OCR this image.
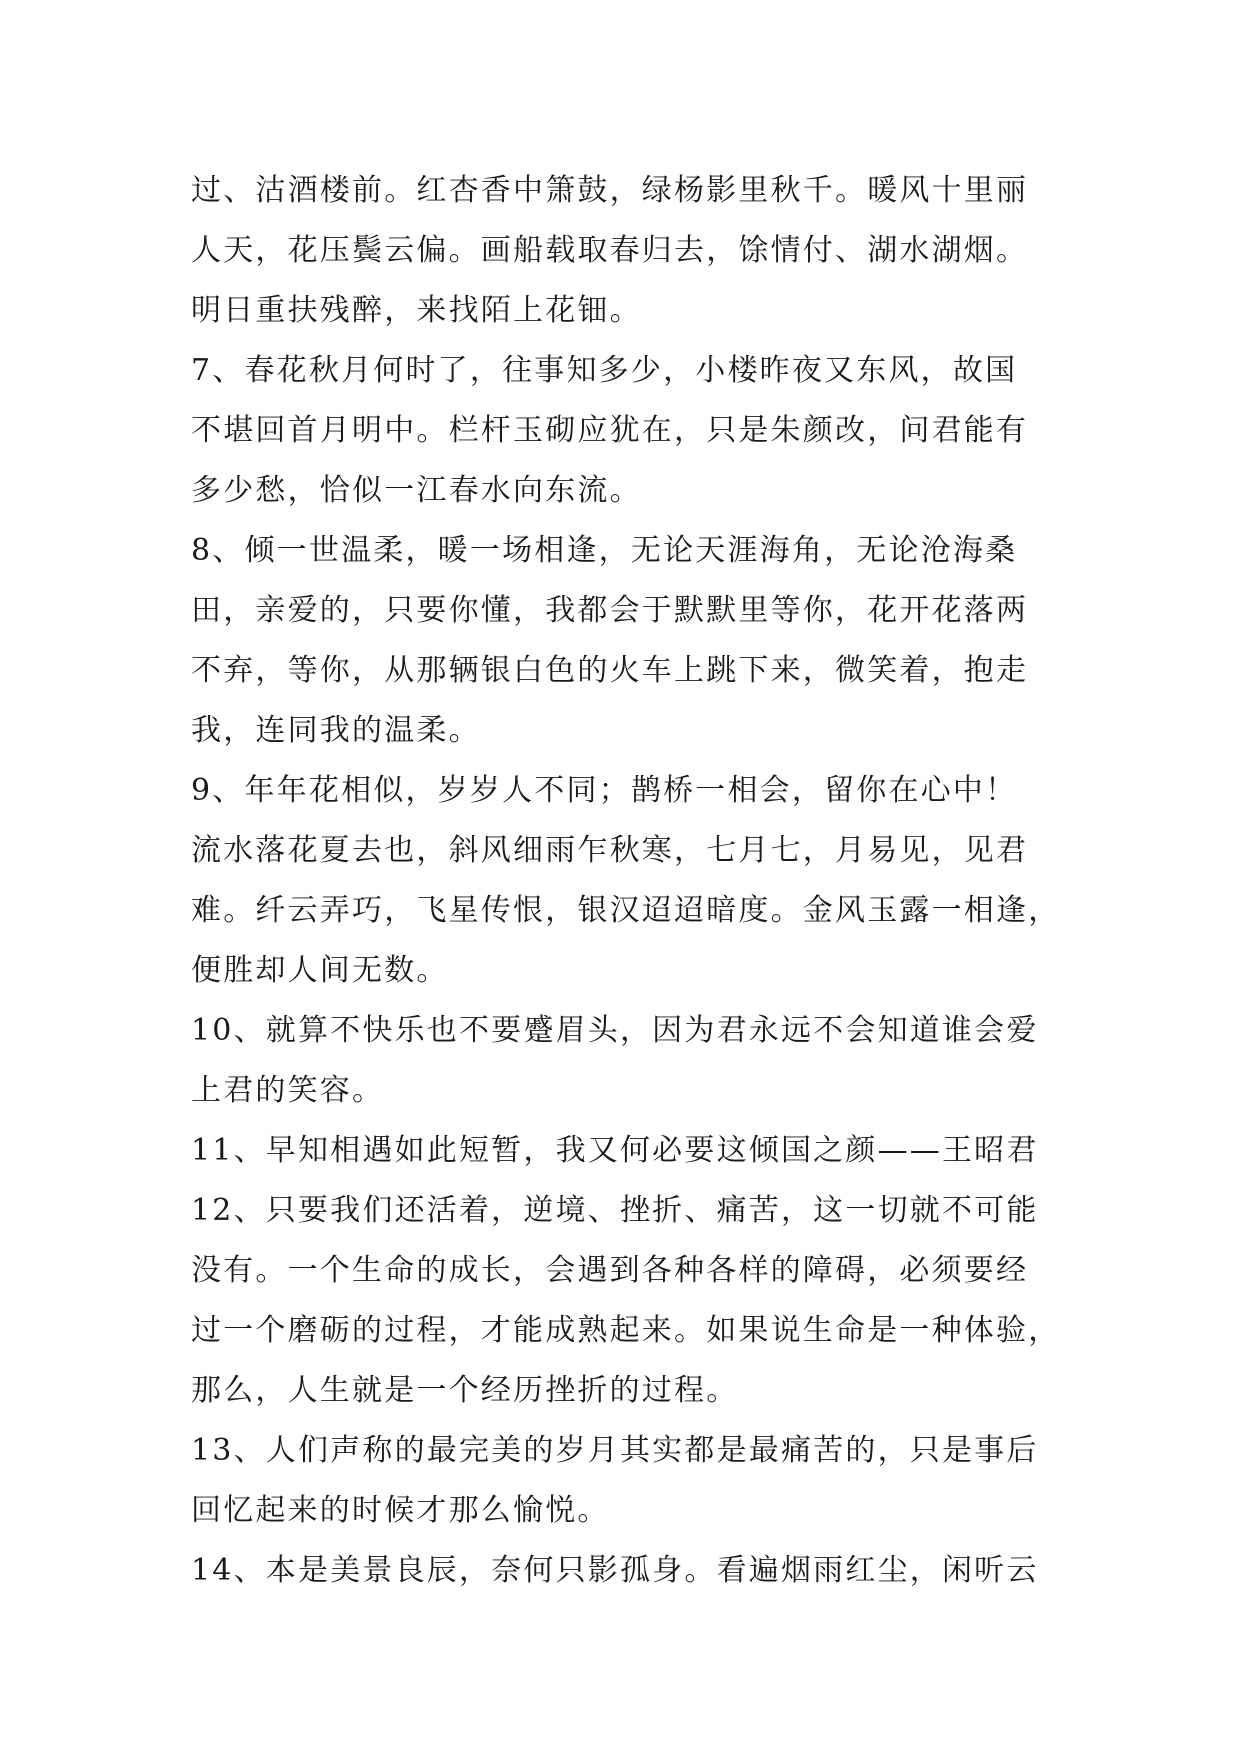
过、沽酒楼前。红杏香中箫鼓，绿杨影里秋千。暖风十里丽
人天，花压鬓云偏。画船载取春归去，馀情付、湖水湖烟。
明日重扶残醉，来找陌上花钿。
7、春花秋月何时了，往事知多少，小楼昨夜又东风，故国
不堪回首月明中。栏杆玉砌应犹在，只是朱颜改，问君能有
多少愁，恰似一江春水向东流。
8、倾一世温柔，暖一场相逢，无论天涯海角，无论沧海桑
田，亲爱的，只要你懂，我都会于默默里等你，花开花落两
不弃，等你，从那辆银白色的火车上跳下来，微笑着，抱走
我，连同我的温柔。
9、年年花相似，岁岁人不同；鹊桥一相会，留你在心中！
流水落花夏去也，斜风细雨乍秋寒，七月七，月易见，见君
难。纤云弄巧，飞星传恨，银汉迢迢暗度。金风玉露一相逢，
便胜却人间无数。
10、就算不快乐也不要蹙眉头，因为君永远不会知道谁会爱
上君的笑容。
11、早知相遇如此短暂，我又何必要这倾国之颜——王昭君
12、只要我们还活着，逆境、挫折、痛苦，这一切就不可能
没有。一个生命的成长，会遇到各种各样的障碍，必须要经
过一个磨砺的过程，才能成熟起来。如果说生命是一种体验，
那么，人生就是一个经历挫折的过程。
13、人们声称的最完美的岁月其实都是最痛苦的，只是事后
回忆起来的时候才那么愉悦。
14、本是美景良辰，奈何只影孤身。看遍烟雨红尘，闲听云
